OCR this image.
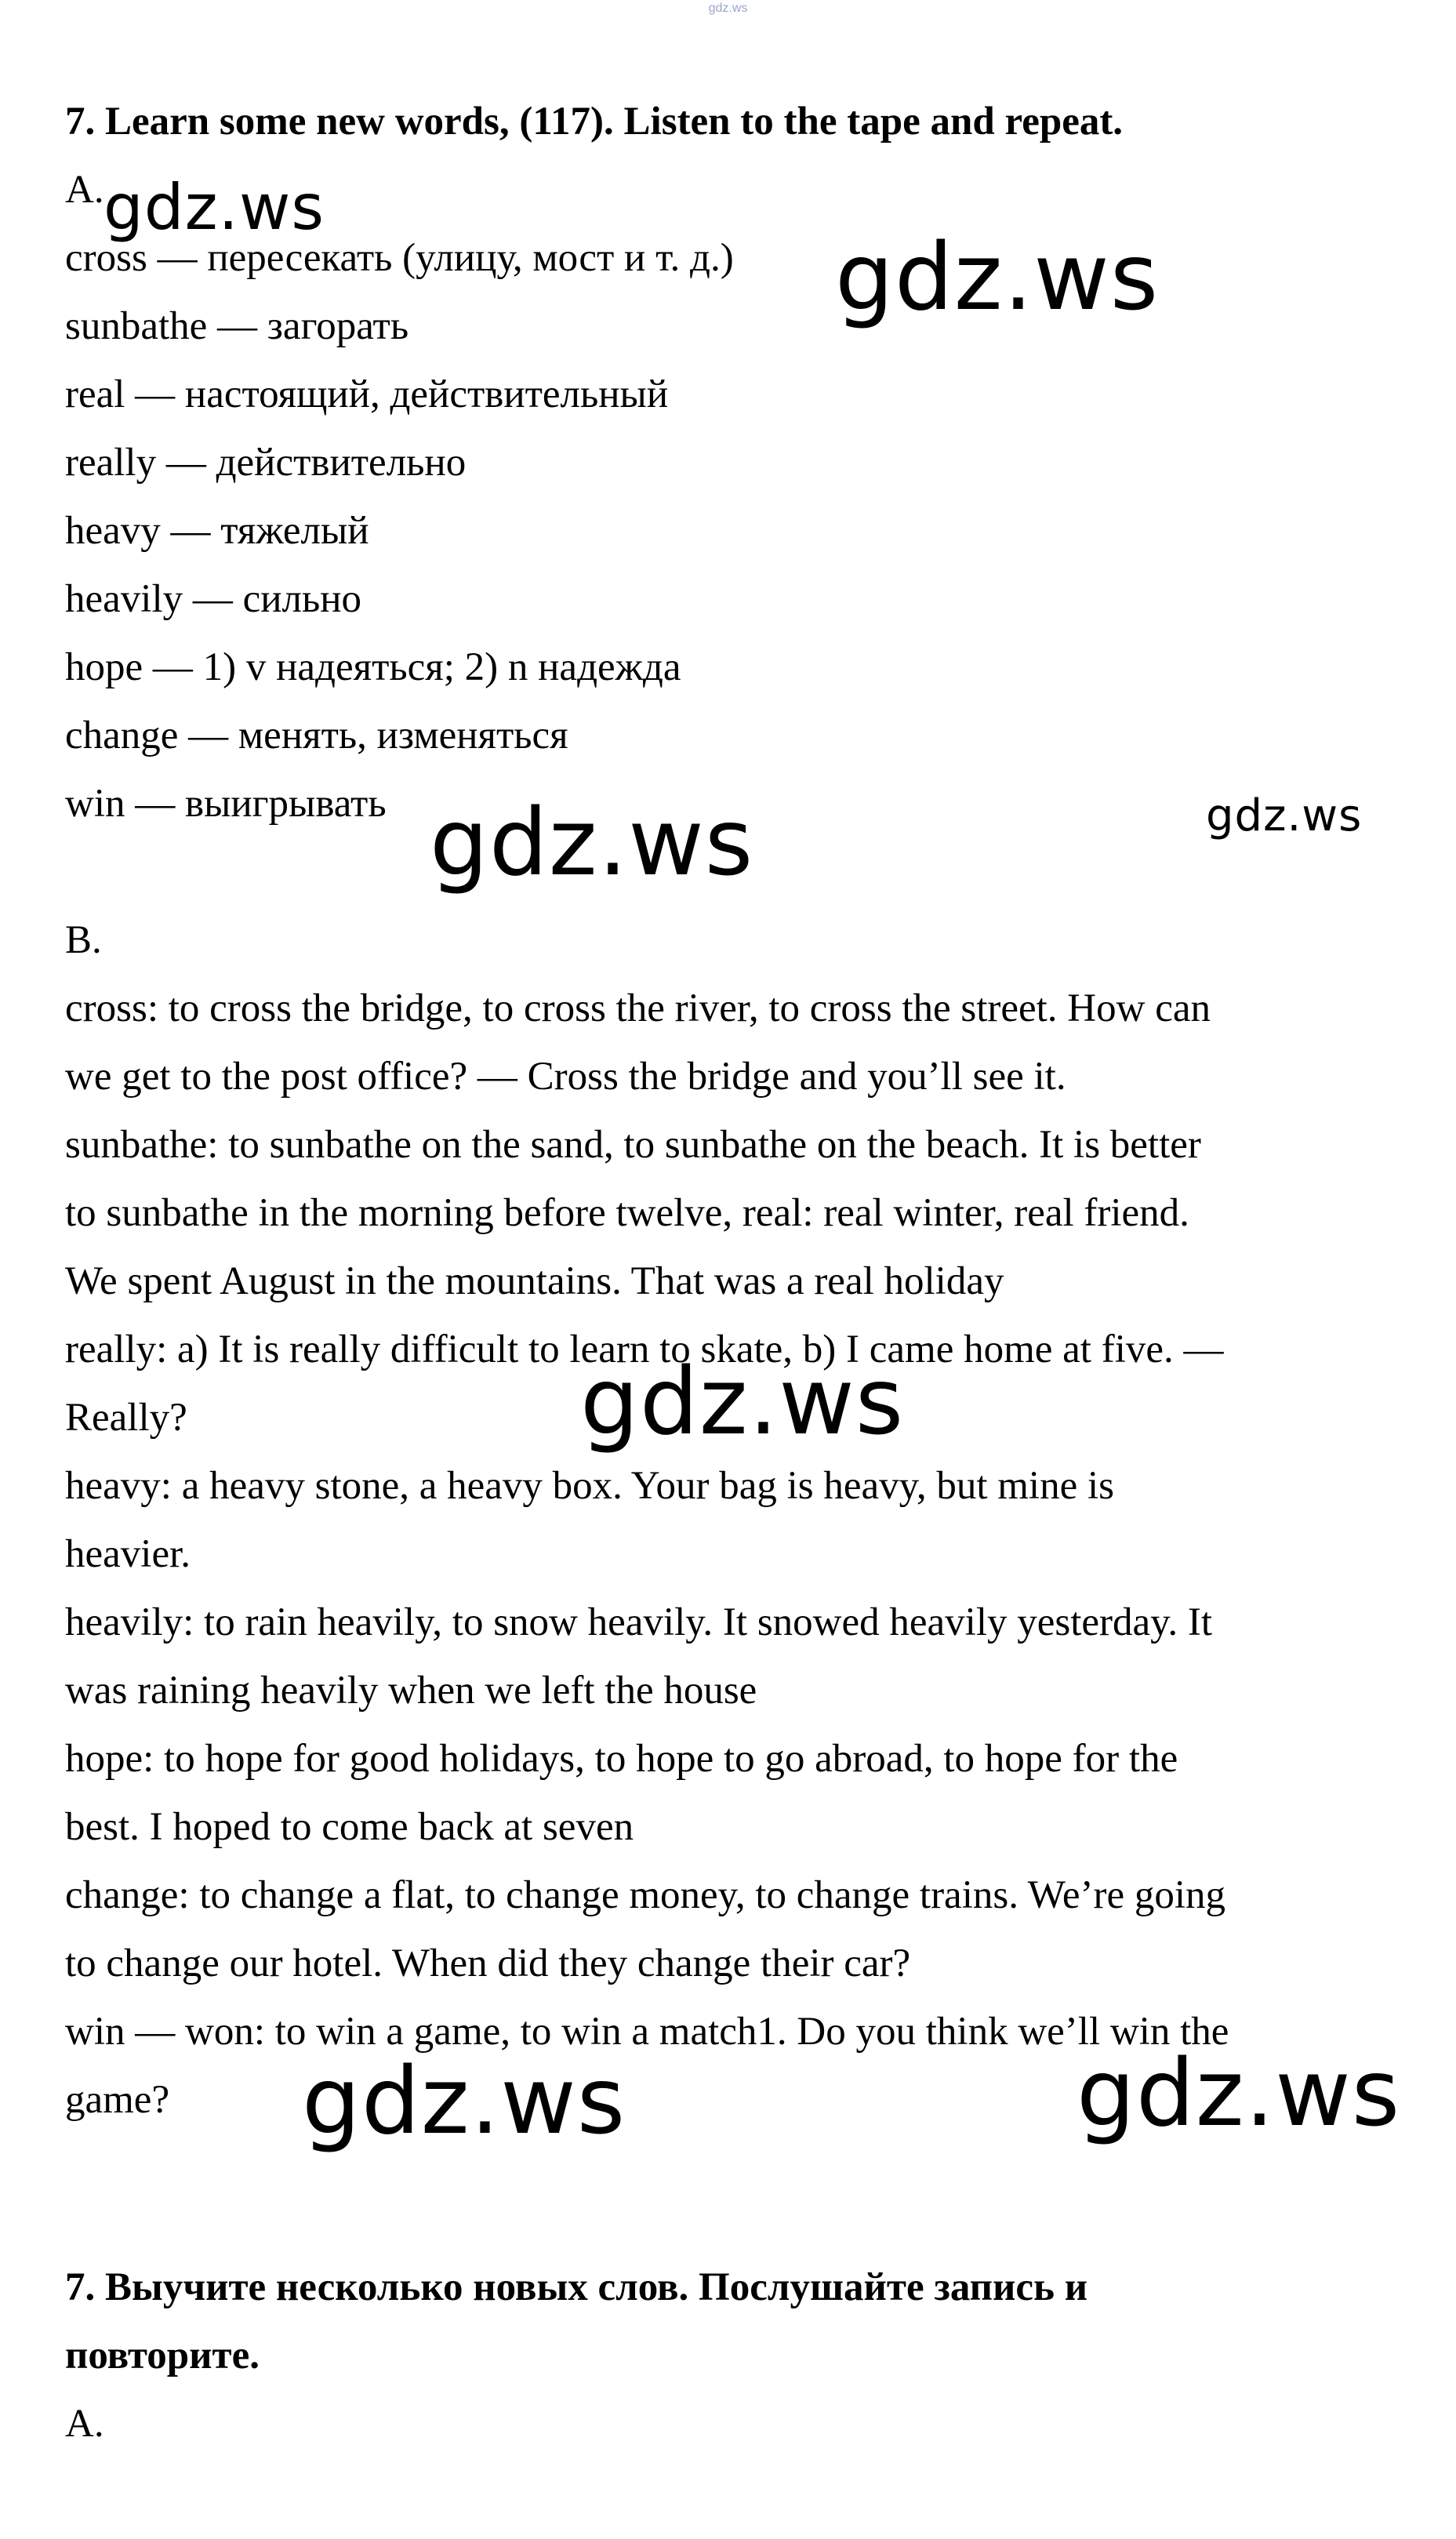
gdz.ws
7. Learn some new words, (117). Listen to the tape and repeat.
A.
cross — пересекать (улицу, мост и т. д.)
sunbathe — загорать
real — настоящий, действительный
really — действительно
heavy — тяжелый
heavily — сильно
hope — 1) v надеяться; 2) n надежда
change — менять, изменяться
win — выигрывать
B.
cross: to cross the bridge, to cross the river, to cross the street. How can
we get to the post office? — Cross the bridge and you’ll see it.
sunbathe: to sunbathe on the sand, to sunbathe on the beach. It is better
to sunbathe in the morning before twelve, real: real winter, real friend.
We spent August in the mountains. That was a real holiday
really: a) It is really difficult to learn to skate, b) I came home at five. —
Really?
heavy: a heavy stone, a heavy box. Your bag is heavy, but mine is
heavier.
heavily: to rain heavily, to snow heavily. It snowed heavily yesterday. It
was raining heavily when we left the house
hope: to hope for good holidays, to hope to go abroad, to hope for the
best. I hoped to come back at seven
change: to change a flat, to change money, to change trains. We’re going
to change our hotel. When did they change their car?
win — won: to win a game, to win a match1. Do you think we’ll win the
game?
7. Выучите несколько новых слов. Послушайте запись и
повторите.
А.
gdz.ws
gdz.ws
gdz.ws	gdz.ws
gdz.ws
gdz.ws	gdz.ws
